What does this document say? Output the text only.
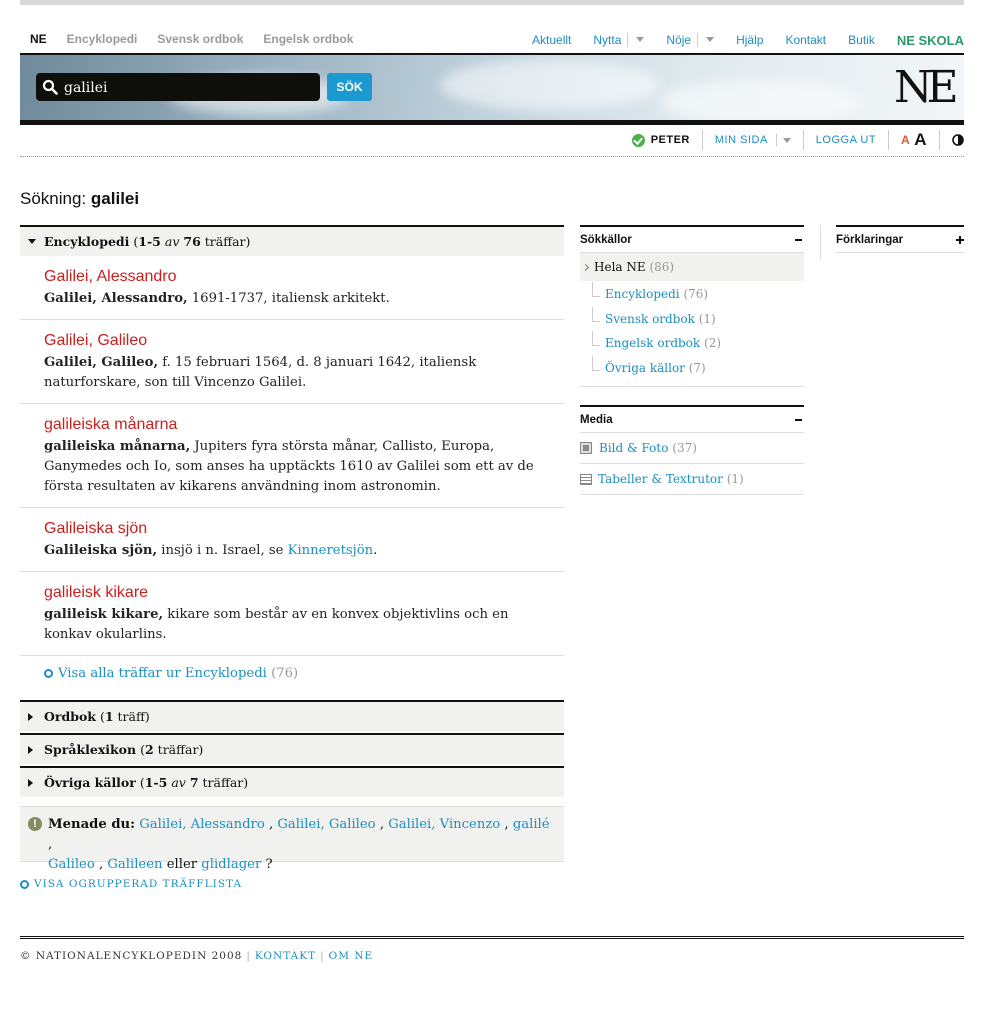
NE	Encyklopedi	Svensk ordbok	Engelsk ordbok	Aktuellt Nytta	Nöje	Hjälp Kontakt Butik NE SKOLA
galilei
SÖK	NE
PETER MIN SIDA	LOGGA UT	A A
Sökning: galilei
Encyklopedi
( 1-5
av
76
träffar)
Galilei, Alessandro
Galilei, Alessandro, 1691-1737, italiensk arkitekt.
Galilei, Galileo
Galilei, Galileo, f. 15 februari 1564, d. 8 januari 1642, italiensk naturforskare, son till Vincenzo Galilei.
galileiska månarna
galileiska månarna, Jupiters fyra största månar, Callisto, Europa, Ganymedes och Io, som anses ha upptäckts 1610 av Galilei som ett av de första resultaten av kikarens användning inom astronomin.
Galileiska sjön
Galileiska sjön, insjö i n. Israel, se Kinneretsjön.
galileisk kikare
galileisk kikare, kikare som består av en konvex objektivlins och en konkav okularlins.
Visa alla träffar ur Encyklopedi
(76)
Ordbok
( 1
träff)
Språklexikon
( 2
träffar)
Övriga källor
( 1-5
av
7
träffar)
Menade du: Galilei, Alessandro , Galilei, Galileo , Galilei, Vincenzo , galilé ,
Galileo , Galileen eller glidlager ?
!
VISA OGRUPPERAD TRÄFFLISTA
Sökkällor
Hela NE
(86)
Encyklopedi (76)
Svensk ordbok (1)
Engelsk ordbok (2)
Övriga källor (7)
Media
Bild & Foto
(37)
Tabeller & Textrutor
(1)
Förklaringar
© NATIONALENCYKLOPEDIN 2008 | KONTAKT | OM NE
